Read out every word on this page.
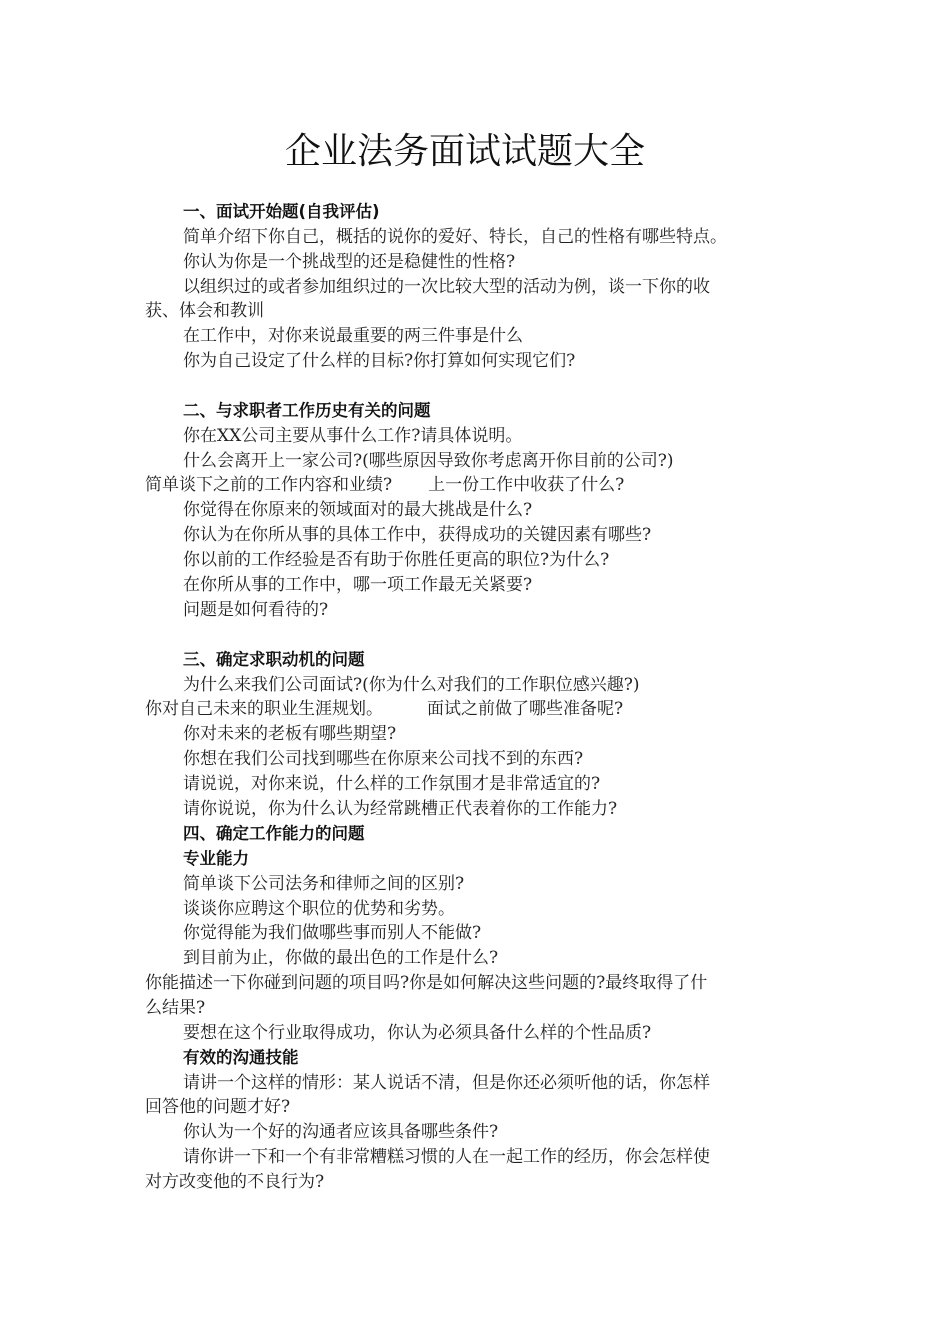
企业法务面试试题大全
一、面试开始题(自我评估)
简单介绍下你自己，概括的说你的爱好、特长，自己的性格有哪些特点。
你认为你是一个挑战型的还是稳健性的性格?
以组织过的或者参加组织过的一次比较大型的活动为例，谈一下你的收
获、体会和教训
在工作中，对你来说最重要的两三件事是什么
你为自己设定了什么样的目标?你打算如何实现它们?
二、与求职者工作历史有关的问题
你在XX公司主要从事什么工作?请具体说明。
什么会离开上一家公司?(哪些原因导致你考虑离开你目前的公司?)
简单谈下之前的工作内容和业绩? 上一份工作中收获了什么?
你觉得在你原来的领域面对的最大挑战是什么?
你认为在你所从事的具体工作中，获得成功的关键因素有哪些?
你以前的工作经验是否有助于你胜任更高的职位?为什么?
在你所从事的工作中，哪一项工作最无关紧要?
问题是如何看待的?
三、确定求职动机的问题
为什么来我们公司面试?(你为什么对我们的工作职位感兴趣?)
你对自己未来的职业生涯规划。	面试之前做了哪些准备呢?
你对未来的老板有哪些期望?
你想在我们公司找到哪些在你原来公司找不到的东西?
请说说，对你来说，什么样的工作氛围才是非常适宜的?
请你说说，你为什么认为经常跳槽正代表着你的工作能力?
四、确定工作能力的问题
专业能力
简单谈下公司法务和律师之间的区别?
谈谈你应聘这个职位的优势和劣势。
你觉得能为我们做哪些事而别人不能做?
到目前为止，你做的最出色的工作是什么?
你能描述一下你碰到问题的项目吗?你是如何解决这些问题的?最终取得了什
么结果?
要想在这个行业取得成功，你认为必须具备什么样的个性品质?
有效的沟通技能
请讲一个这样的情形：某人说话不清，但是你还必须听他的话，你怎样
回答他的问题才好?
你认为一个好的沟通者应该具备哪些条件?
请你讲一下和一个有非常糟糕习惯的人在一起工作的经历，你会怎样使
对方改变他的不良行为?
